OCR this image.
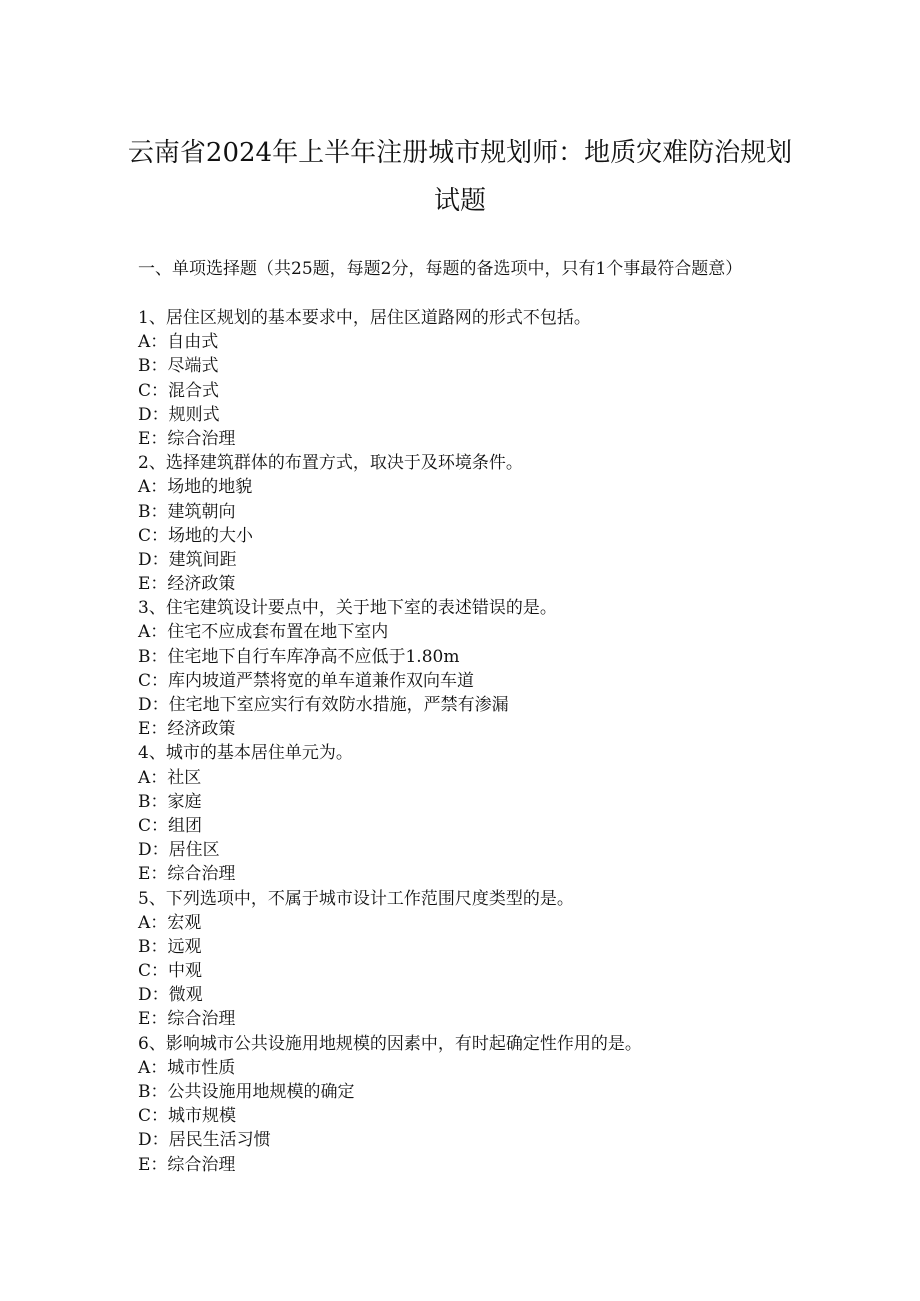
云南省2024年上半年注册城市规划师：地质灾难防治规划
试题

一、单项选择题（共25题，每题2分，每题的备选项中，只有1个事最符合题意）

1、居住区规划的基本要求中，居住区道路网的形式不包括。

A：自由式

B：尽端式

C：混合式

D：规则式

E：综合治理

2、选择建筑群体的布置方式，取决于及环境条件。

A：场地的地貌

B：建筑朝向

C：场地的大小

D：建筑间距

E：经济政策

3、住宅建筑设计要点中，关于地下室的表述错误的是。

A：住宅不应成套布置在地下室内

B：住宅地下自行车库净高不应低于1.80m

C：库内坡道严禁将宽的单车道兼作双向车道

D：住宅地下室应实行有效防水措施，严禁有渗漏

E：经济政策

4、城市的基本居住单元为。

A：社区

B：家庭

C：组团

D：居住区

E：综合治理

5、下列选项中，不属于城市设计工作范围尺度类型的是。

A：宏观

B：远观

C：中观

D：微观

E：综合治理

6、影响城市公共设施用地规模的因素中，有时起确定性作用的是。

A：城市性质

B：公共设施用地规模的确定

C：城市规模

D：居民生活习惯

E：综合治理
